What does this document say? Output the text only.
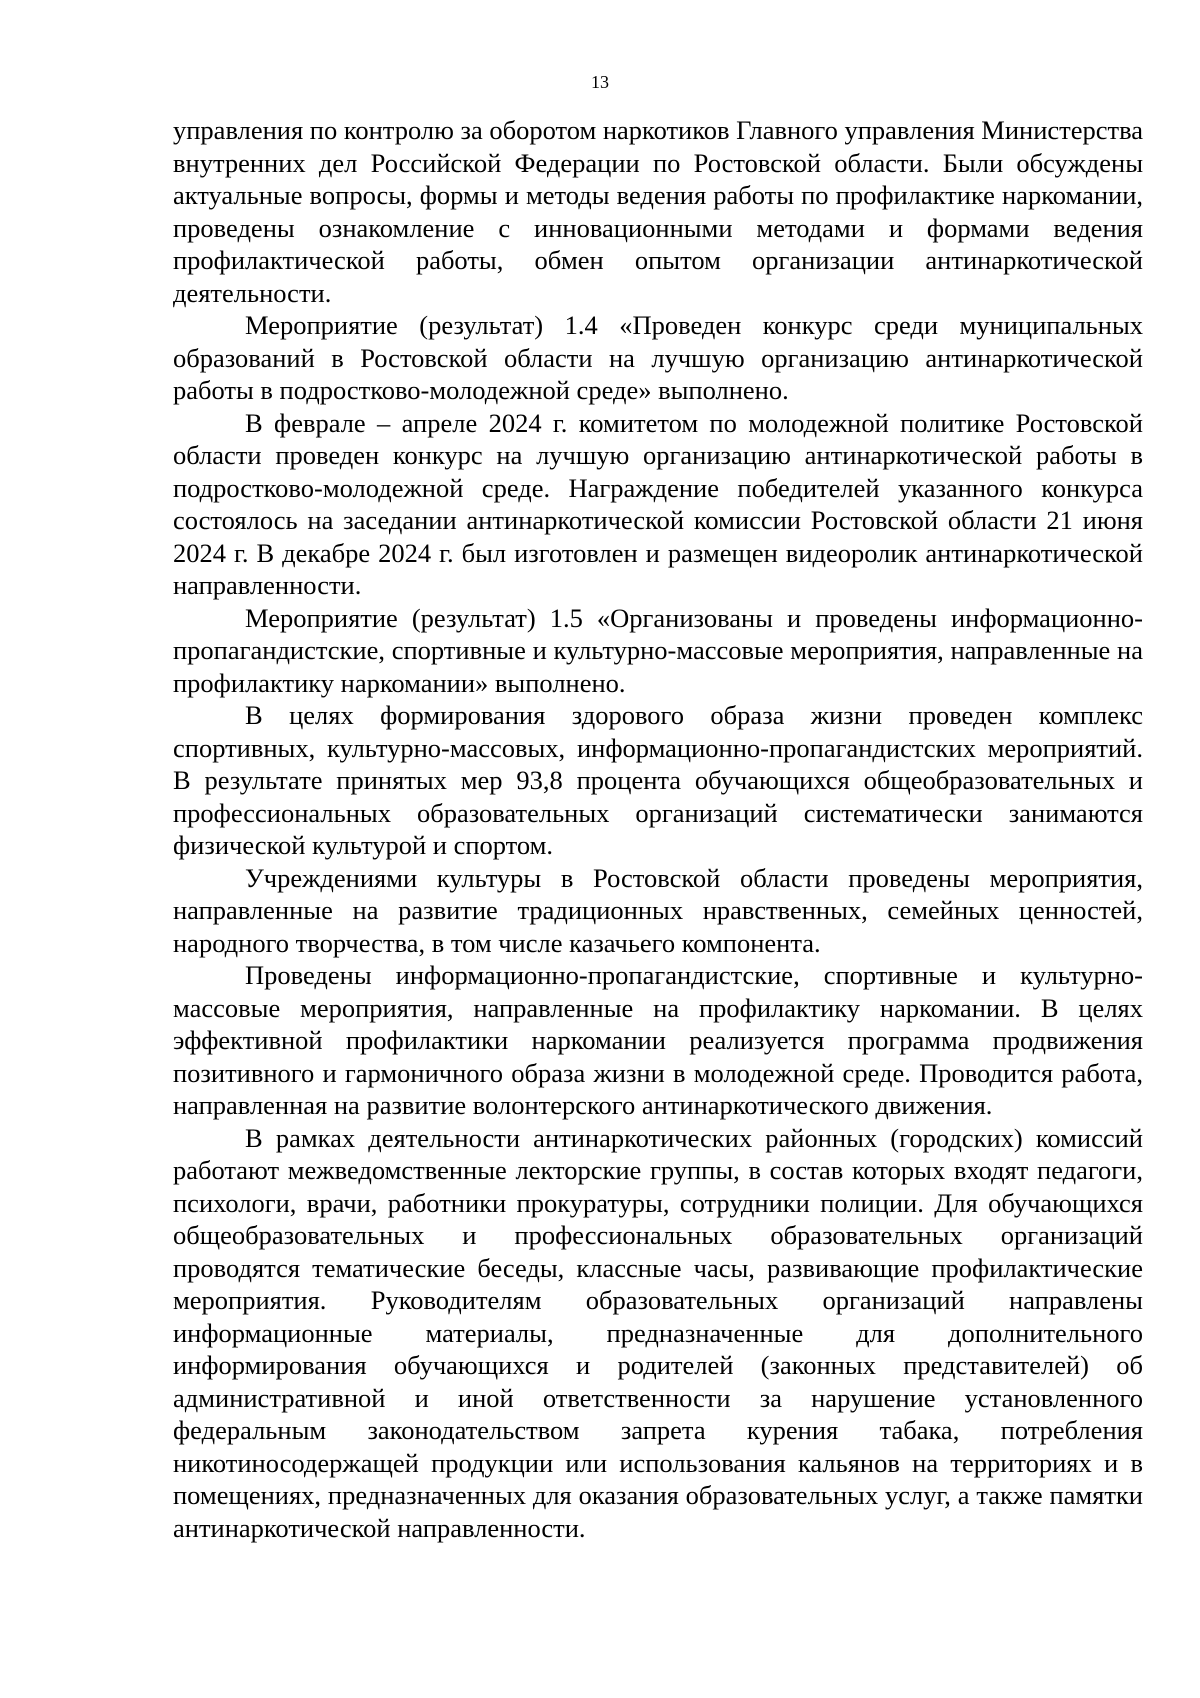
13

управления по контролю за оборотом наркотиков Главного управления Министерства внутренних дел Российской Федерации по Ростовской области. Были обсуждены актуальные вопросы, формы и методы ведения работы по профилактике наркомании, проведены ознакомление с инновационными методами и формами ведения профилактической работы, обмен опытом организации антинаркотической деятельности.

Мероприятие (результат) 1.4 «Проведен конкурс среди муниципальных образований в Ростовской области на лучшую организацию антинаркотической работы в подростково-молодежной среде» выполнено.

В феврале – апреле 2024 г. комитетом по молодежной политике Ростовской области проведен конкурс на лучшую организацию антинаркотической работы в подростково-молодежной среде. Награждение победителей указанного конкурса состоялось на заседании антинаркотической комиссии Ростовской области 21 июня 2024 г. В декабре 2024 г. был изготовлен и размещен видеоролик антинаркотической направленности.

Мероприятие (результат) 1.5 «Организованы и проведены информационно-пропагандистские, спортивные и культурно-массовые мероприятия, направленные на профилактику наркомании» выполнено.

В целях формирования здорового образа жизни проведен комплекс спортивных, культурно-массовых, информационно-пропагандистских мероприятий. В результате принятых мер 93,8 процента обучающихся общеобразовательных и профессиональных образовательных организаций систематически занимаются физической культурой и спортом.

Учреждениями культуры в Ростовской области проведены мероприятия, направленные на развитие традиционных нравственных, семейных ценностей, народного творчества, в том числе казачьего компонента.

Проведены информационно-пропагандистские, спортивные и культурно-массовые мероприятия, направленные на профилактику наркомании. В целях эффективной профилактики наркомании реализуется программа продвижения позитивного и гармоничного образа жизни в молодежной среде. Проводится работа, направленная на развитие волонтерского антинаркотического движения.

В рамках деятельности антинаркотических районных (городских) комиссий работают межведомственные лекторские группы, в состав которых входят педагоги, психологи, врачи, работники прокуратуры, сотрудники полиции. Для обучающихся общеобразовательных и профессиональных образовательных организаций проводятся тематические беседы, классные часы, развивающие профилактические мероприятия. Руководителям образовательных организаций направлены информационные материалы, предназначенные для дополнительного информирования обучающихся и родителей (законных представителей) об административной и иной ответственности за нарушение установленного федеральным законодательством запрета курения табака, потребления никотиносодержащей продукции или использования кальянов на территориях и в помещениях, предназначенных для оказания образовательных услуг, а также памятки антинаркотической направленности.
